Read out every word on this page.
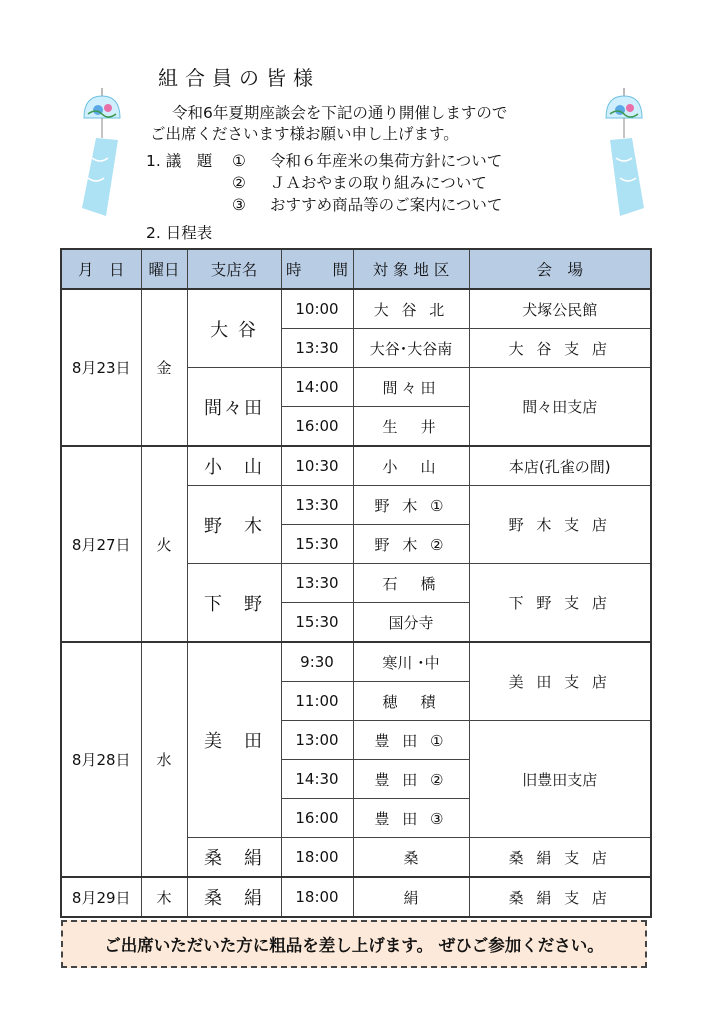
組合員の皆様
令和6年夏期座談会を下記の通り開催しますので
ご出席くださいます様お願い申し上げます。
1. 議　題	①	令和６年産米の集荷方針について
②	ＪＡおやまの取り組みについて
③	おすすめ商品等のご案内について
2. 日程表
月　日	曜日	支店名	時　　間	対 象 地 区	会　場
8月23日	金	大 谷	10:00	大 谷 北	犬塚公民館
			13:30	大谷･大谷南	大 谷 支 店
		間々田	14:00	間々田	間々田支店
			16:00	生　井	
8月27日	火	小　山	10:30	小　山	本店(孔雀の間)
		野　木	13:30	野 木 ①	野 木 支 店
			15:30	野 木 ②	
		下　野	13:30	石　橋	下 野 支 店
			15:30	国分寺	
8月28日	水	美　田	9:30	寒川 ･中	美 田 支 店
			11:00	穂　積	
			13:00	豊 田 ①	旧豊田支店
			14:30	豊 田 ②	
			16:00	豊 田 ③	
		桑　絹	18:00	桑	桑 絹 支 店
8月29日	木	桑　絹	18:00	絹	桑 絹 支 店
ご出席いただいた方に粗品を差し上げます。 ぜひご参加ください。
